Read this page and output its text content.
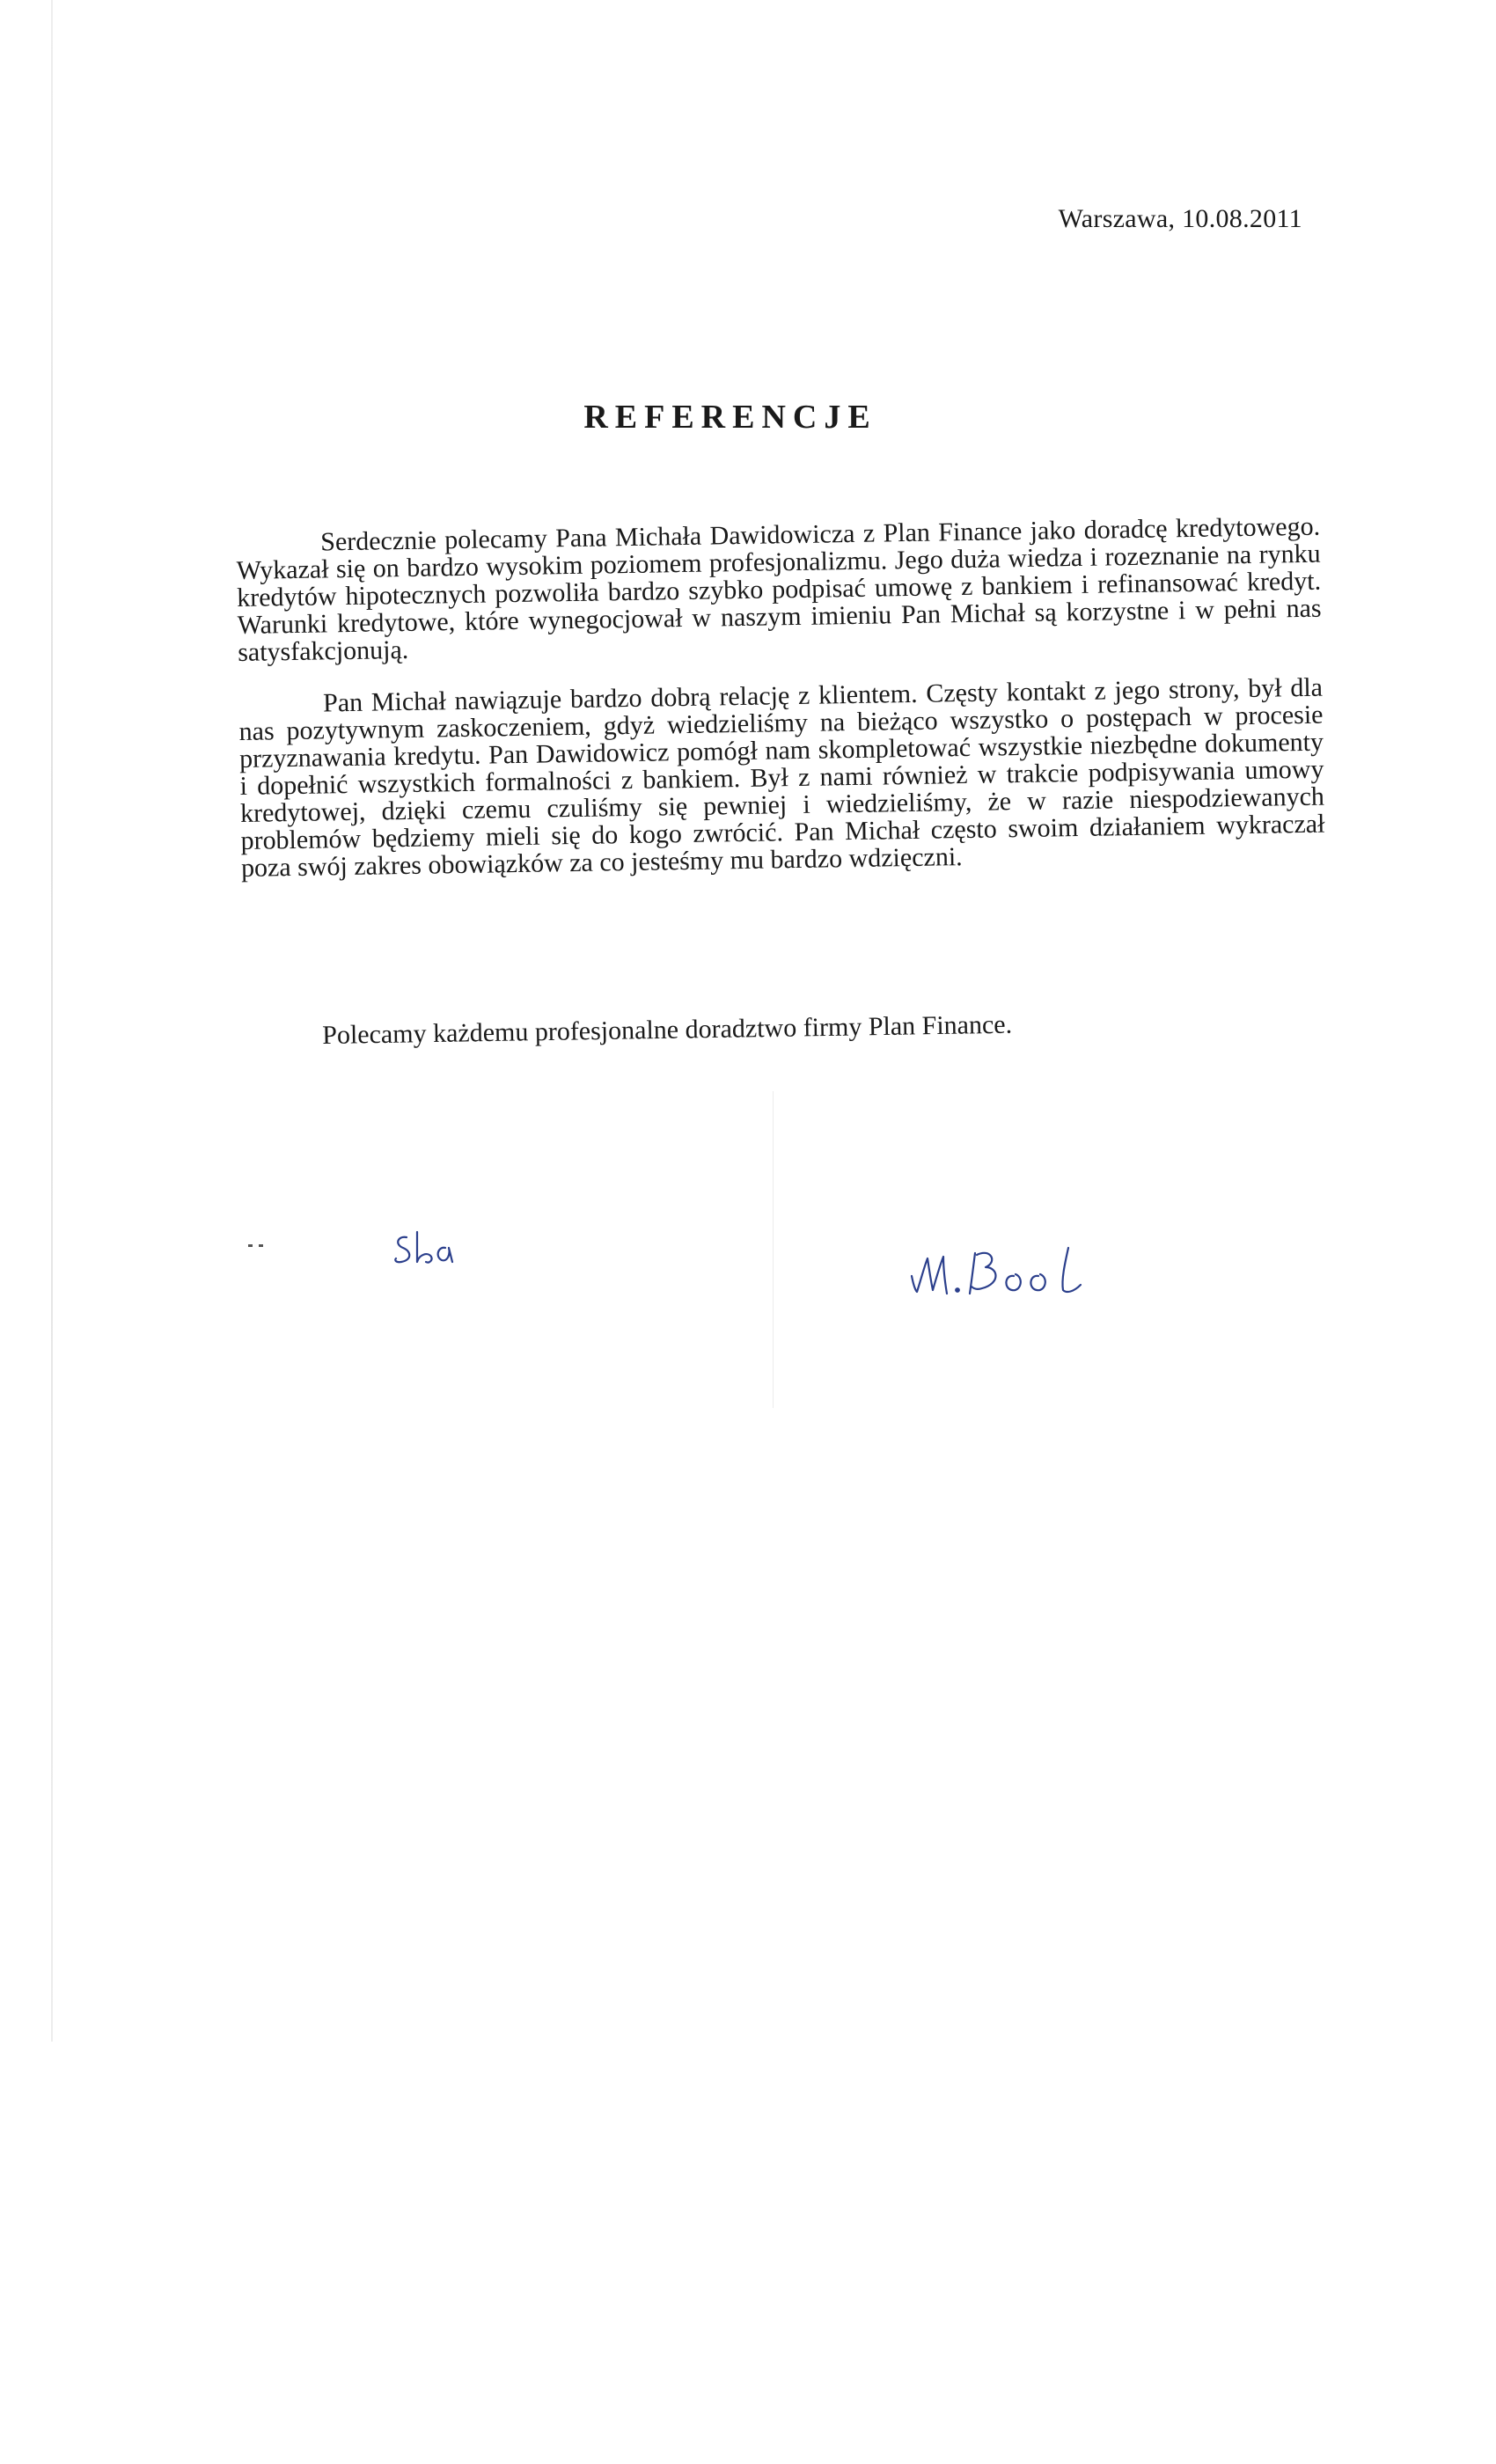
Warszawa, 10.08.2011
REFERENCJE

Serdecznie polecamy Pana Michała Dawidowicza z Plan Finance jako doradcę kredytowego. Wykazał się on bardzo wysokim poziomem profesjonalizmu. Jego duża wiedza i rozeznanie na rynku kredytów hipotecznych pozwoliła bardzo szybko podpisać umowę z bankiem i refinansować kredyt. Warunki kredytowe, które wynegocjował w naszym imieniu Pan Michał są korzystne i w pełni nas satysfakcjonują.

Pan Michał nawiązuje bardzo dobrą relację z klientem. Częsty kontakt z jego strony, był dla nas pozytywnym zaskoczeniem, gdyż wiedzieliśmy na bieżąco wszystko o postępach w procesie przyznawania kredytu. Pan Dawidowicz pomógł nam skompletować wszystkie niezbędne dokumenty i dopełnić wszystkich formalności z bankiem. Był z nami również w trakcie podpisywania umowy kredytowej, dzięki czemu czuliśmy się pewniej i wiedzieliśmy, że w razie niespodziewanych problemów będziemy mieli się do kogo zwrócić. Pan Michał często swoim działaniem wykraczał poza swój zakres obowiązków za co jesteśmy mu bardzo wdzięczni.

Polecamy każdemu profesjonalne doradztwo firmy Plan Finance.
